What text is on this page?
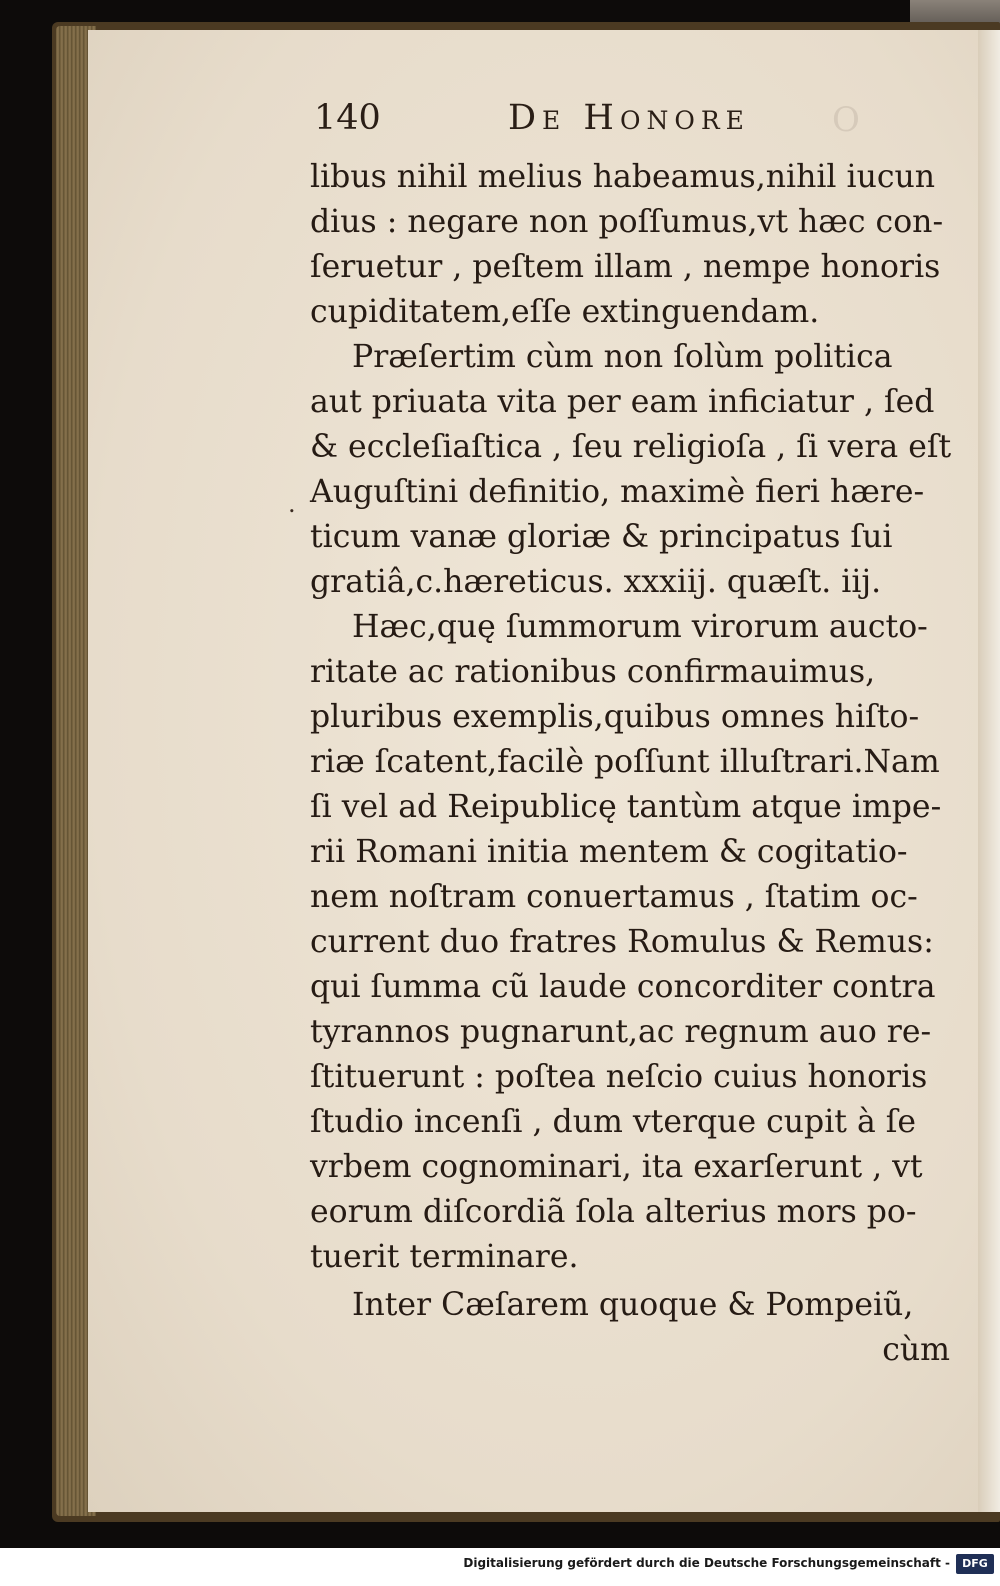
O
140	De Honore
.
libus nihil melius habeamus,nihil iucun
dius : negare non poſſumus,vt hæc con-
ſeruetur , peſtem illam , nempe honoris
cupiditatem,eſſe extinguendam.
Præſertim cùm non ſolùm politica
aut priuata vita per eam inficiatur , ſed
& eccleſiaſtica , ſeu religioſa , ſi vera eſt
Auguſtini definitio, maximè fieri hære-
ticum vanæ gloriæ & principatus ſui
gratiâ,c.hæreticus. xxxiij. quæſt. iij.
Hæc,quę ſummorum virorum aucto-
ritate ac rationibus confirmauimus,
pluribus exemplis,quibus omnes hiſto-
riæ ſcatent,facilè poſſunt illuſtrari.Nam
ſi vel ad Reipublicę tantùm atque impe-
rii Romani initia mentem & cogitatio-
nem noſtram conuertamus , ſtatim oc-
current duo fratres Romulus & Remus:
qui ſumma cũ laude concorditer contra
tyrannos pugnarunt,ac regnum auo re-
ſtituerunt : poſtea neſcio cuius honoris
ſtudio incenſi , dum vterque cupit à ſe
vrbem cognominari, ita exarſerunt , vt
eorum diſcordiã ſola alterius mors po-
tuerit terminare.
Inter Cæſarem quoque & Pompeiũ,
cùm
Digitalisierung gefördert durch die Deutsche Forschungsgemeinschaft -	DFG
